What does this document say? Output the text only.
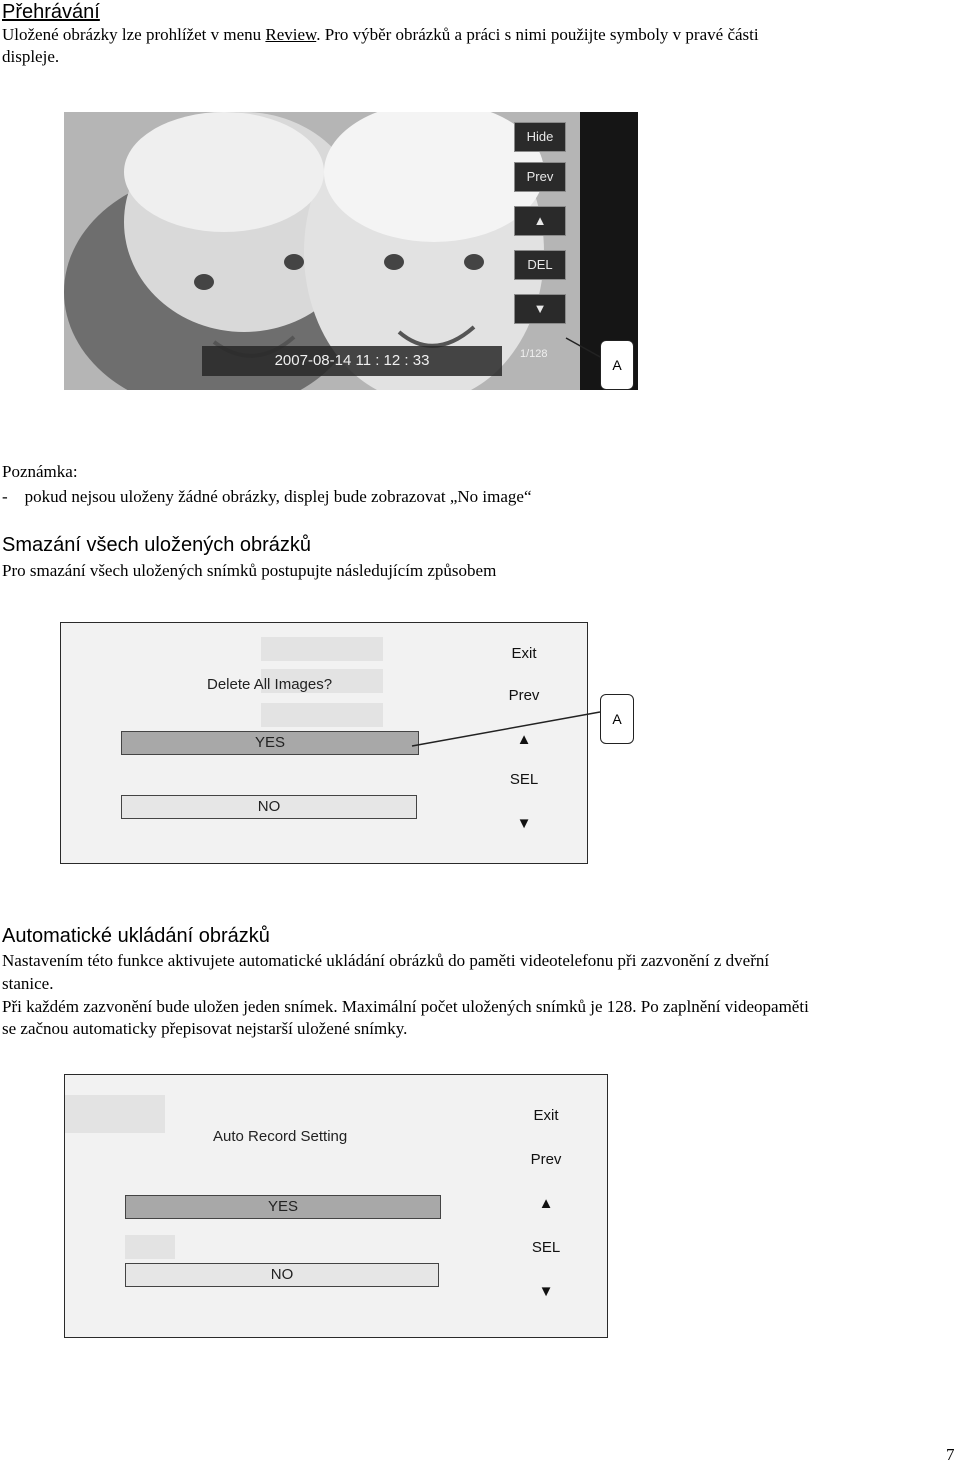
Přehrávání
Uložené obrázky lze prohlížet v menu Review. Pro výběr obrázků a práci s nimi použijte symboly v pravé části
displeje.
2007-08-14 11 : 12 : 33
Hide
Prev
▲
DEL
▼
1/128
A
Poznámka:
-    pokud nejsou uloženy žádné obrázky, displej bude zobrazovat „No image“
Smazání všech uložených obrázků
Pro smazání všech uložených snímků postupujte následujícím způsobem
Delete All Images?
YES
NO
Exit
Prev
▲
SEL
▼
A
Automatické ukládání obrázků
Nastavením této funkce aktivujete automatické ukládání obrázků do paměti videotelefonu při zazvonění z dveřní
stanice.
Při každém zazvonění bude uložen jeden snímek. Maximální počet uložených snímků je 128. Po zaplnění videopaměti
se začnou automaticky přepisovat nejstarší uložené snímky.
Auto Record Setting
YES
NO
Exit
Prev
▲
SEL
▼
7
